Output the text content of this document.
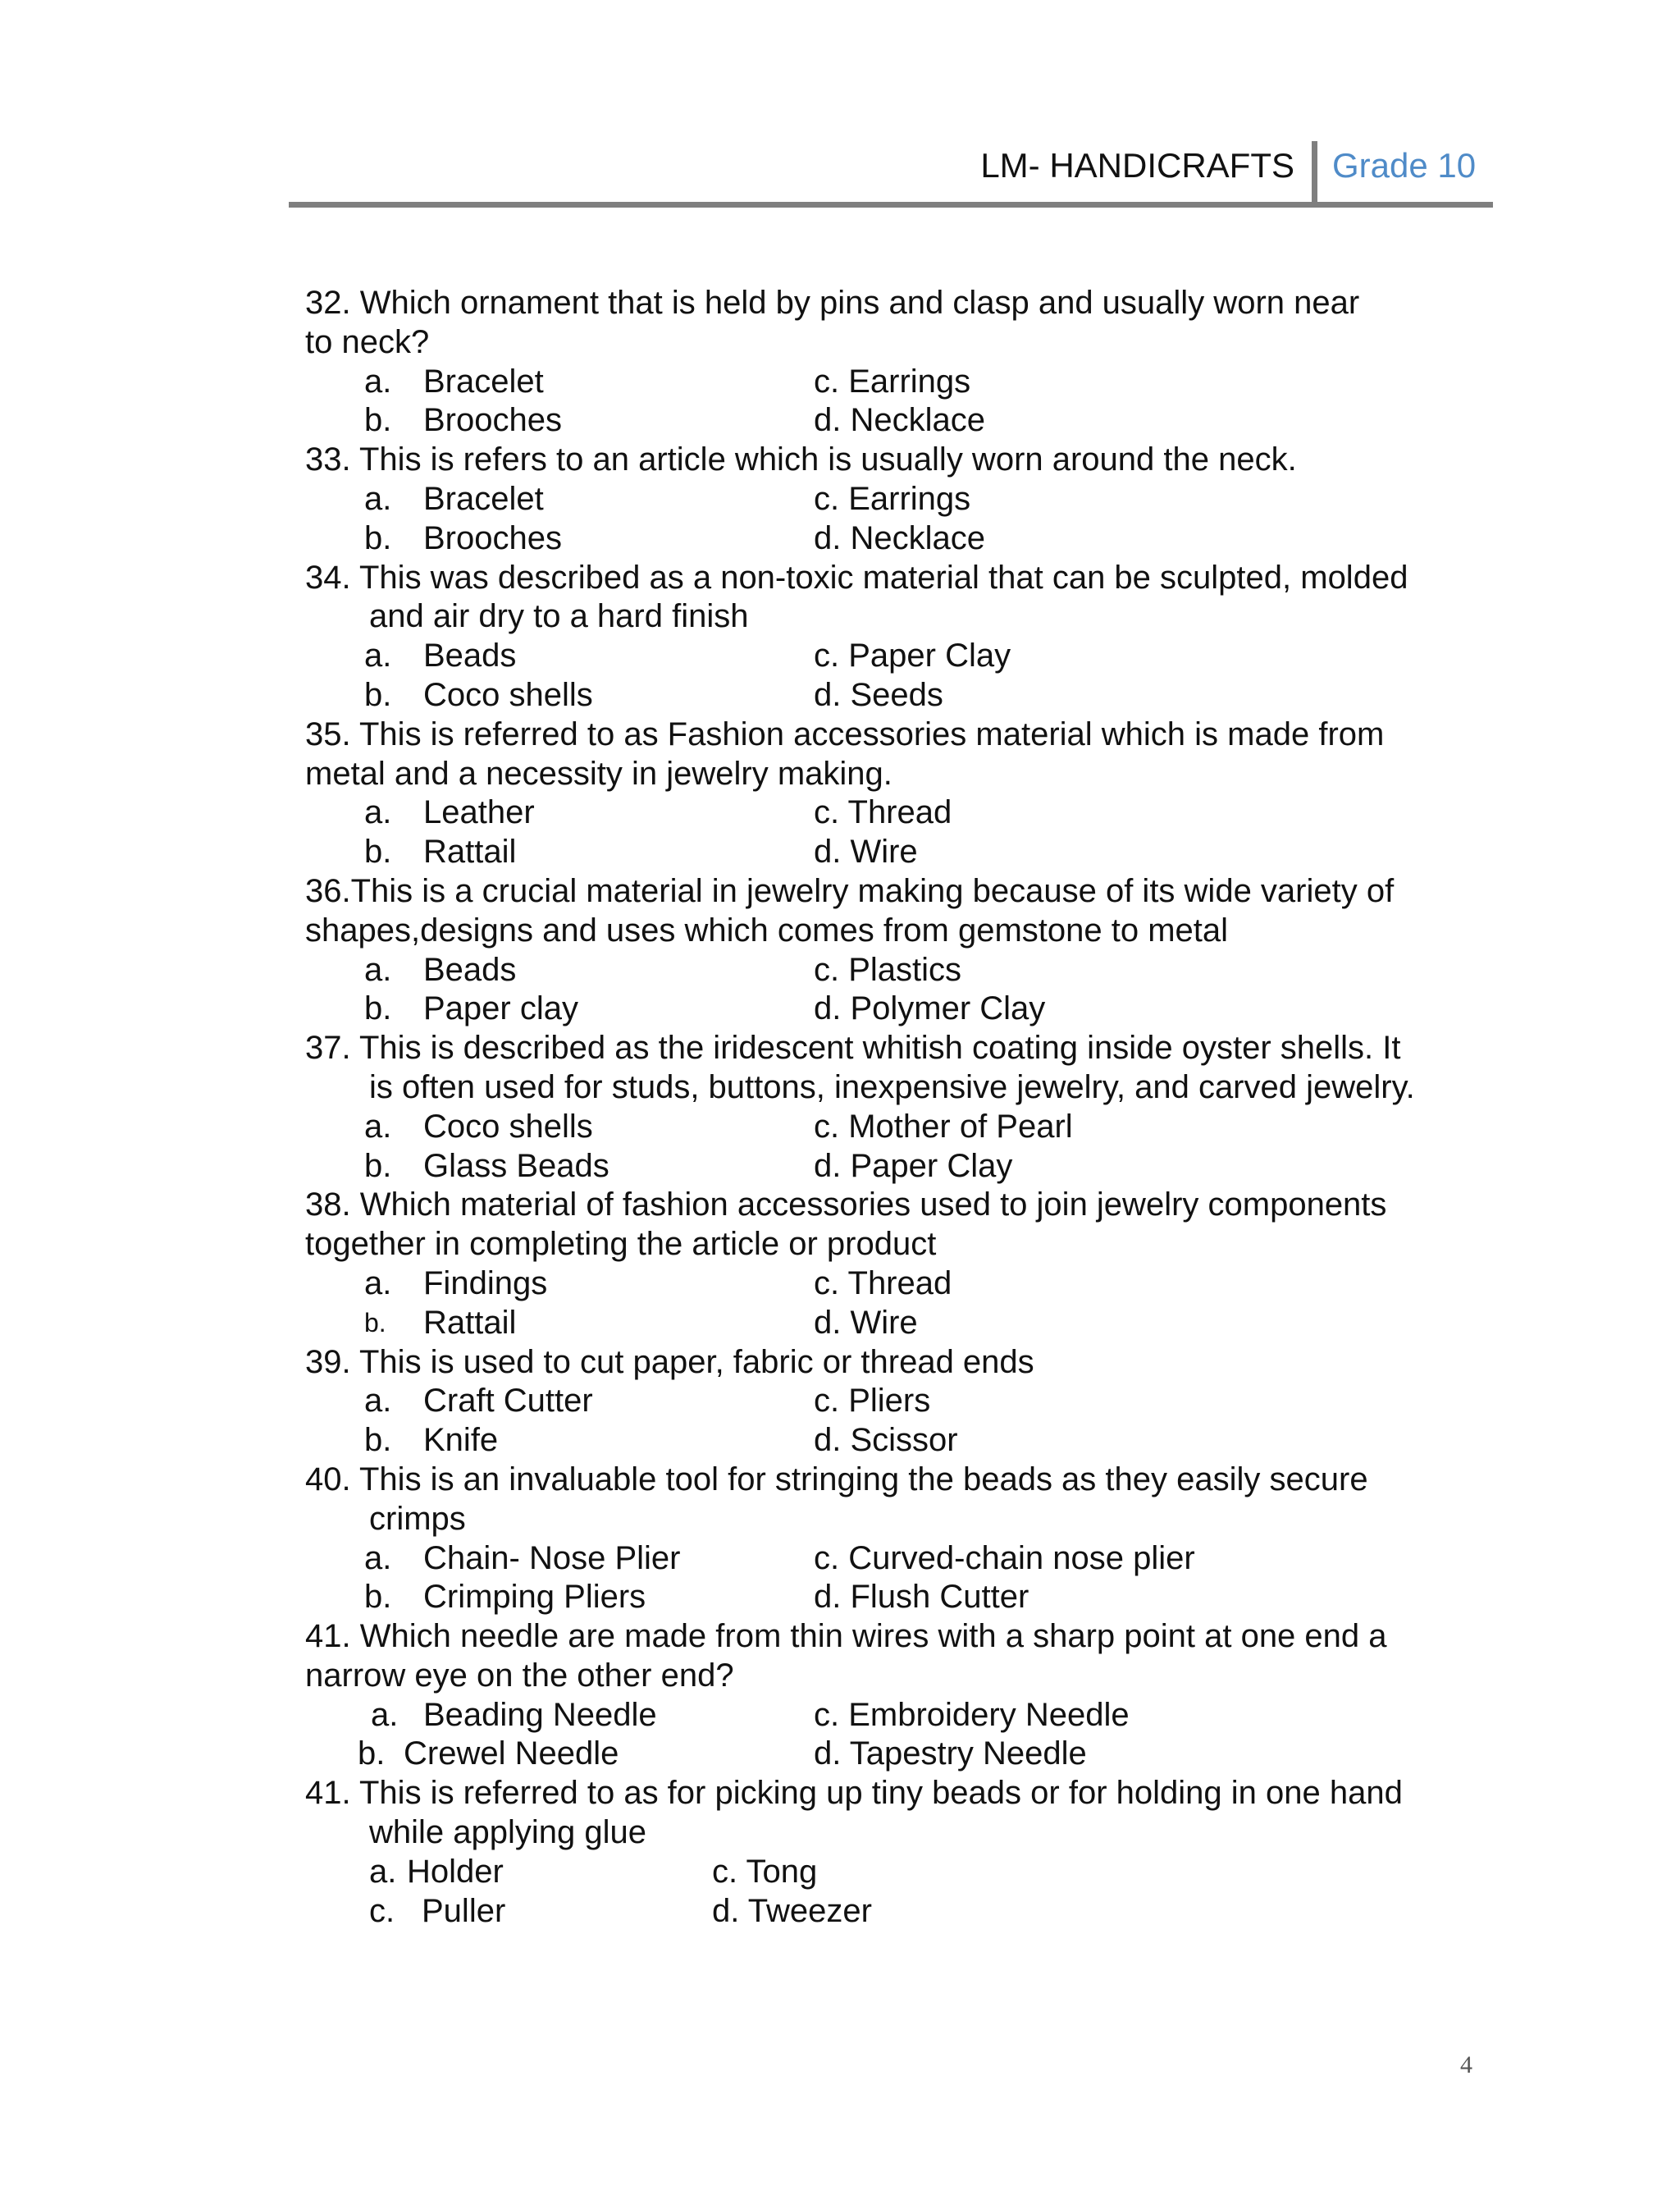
LM- HANDICRAFTS Grade 10
32. Which ornament that is held by pins and clasp and usually worn near
to neck?
a. Bracelet	c. Earrings
b. Brooches	d. Necklace
33. This is refers to an article which is usually worn around the neck.
a. Bracelet	c. Earrings
b. Brooches	d. Necklace
34. This was described as a non-toxic material that can be sculpted, molded
and air dry to a hard finish
a. Beads	c. Paper Clay
b. Coco shells	d. Seeds
35. This is referred to as Fashion accessories material which is made from
metal and a necessity in jewelry making.
a. Leather	c. Thread
b. Rattail	d. Wire
36.This is a crucial material in jewelry making because of its wide variety of
shapes,designs and uses which comes from gemstone to metal
a. Beads	c. Plastics
b. Paper clay	d. Polymer Clay
37. This is described as the iridescent whitish coating inside oyster shells. It
is often used for studs, buttons, inexpensive jewelry, and carved jewelry.
a. Coco shells	c. Mother of Pearl
b. Glass Beads	d. Paper Clay
38. Which material of fashion accessories used to join jewelry components
together in completing the article or product
a. Findings	c. Thread
b. Rattail	d. Wire
39. This is used to cut paper, fabric or thread ends
a. Craft Cutter	c. Pliers
b. Knife	d. Scissor
40. This is an invaluable tool for stringing the beads as they easily secure
crimps
a. Chain- Nose Plier	c. Curved-chain nose plier
b. Crimping Pliers	d. Flush Cutter
41. Which needle are made from thin wires with a sharp point at one end a
narrow eye on the other end?
a. Beading Needle	c. Embroidery Needle
b. Crewel Needle	d. Tapestry Needle
41. This is referred to as for picking up tiny beads or for holding in one hand
while applying glue
a. Holder	c. Tong
c. Puller	d. Tweezer
4
